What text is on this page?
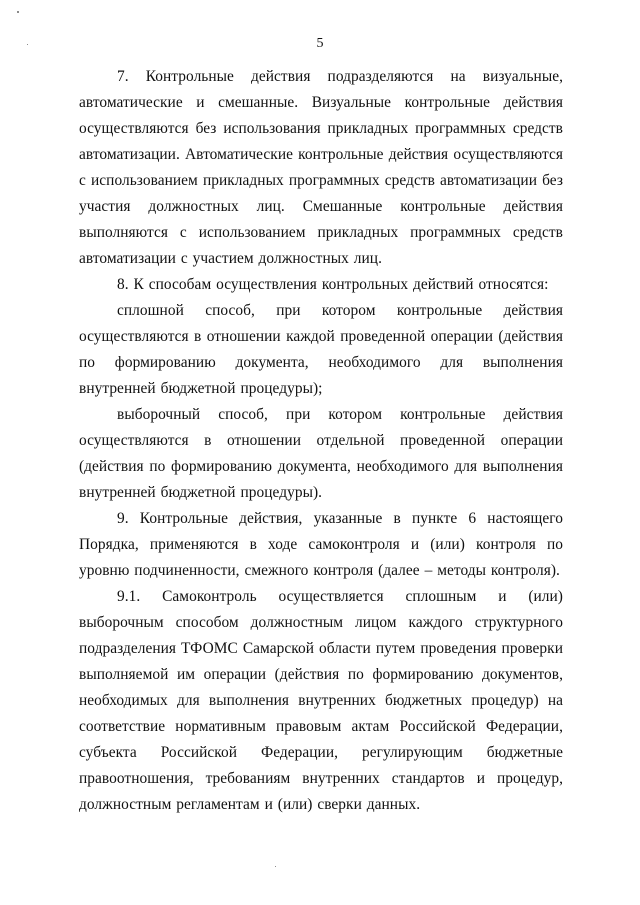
5

7. Контрольные действия подразделяются на визуальные, автоматические и смешанные. Визуальные контрольные действия осуществляются без использования прикладных программных средств автоматизации. Автоматические контрольные действия осуществляются с использованием прикладных программных средств автоматизации без участия должностных лиц. Смешанные контрольные действия выполняются с использованием прикладных программных средств автоматизации с участием должностных лиц.

8. К способам осуществления контрольных действий относятся:

сплошной способ, при котором контрольные действия осуществляются в отношении каждой проведенной операции (действия по формированию документа, необходимого для выполнения внутренней бюджетной процедуры);

выборочный способ, при котором контрольные действия осуществляются в отношении отдельной проведенной операции (действия по формированию документа, необходимого для выполнения внутренней бюджетной процедуры).

9. Контрольные действия, указанные в пункте 6 настоящего Порядка, применяются в ходе самоконтроля и (или) контроля по уровню подчиненности, смежного контроля (далее – методы контроля).

9.1. Самоконтроль осуществляется сплошным и (или) выборочным способом должностным лицом каждого структурного подразделения ТФОМС Самарской области путем проведения проверки выполняемой им операции (действия по формированию документов, необходимых для выполнения внутренних бюджетных процедур) на соответствие нормативным правовым актам Российской Федерации, субъекта Российской Федерации, регулирующим бюджетные правоотношения, требованиям внутренних стандартов и процедур, должностным регламентам и (или) сверки данных.
